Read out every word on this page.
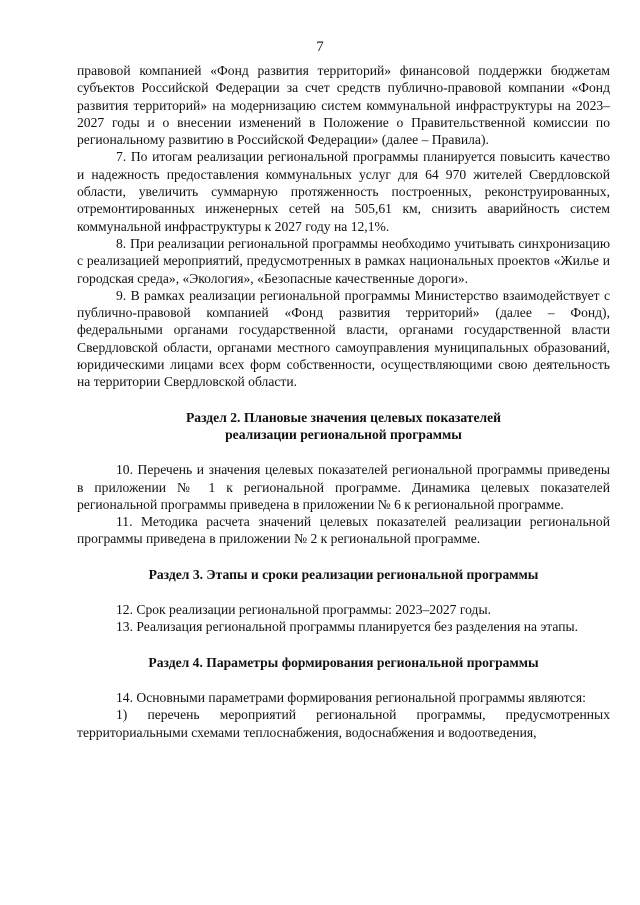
7

правовой компанией «Фонд развития территорий» финансовой поддержки бюджетам субъектов Российской Федерации за счет средств публично-правовой компании «Фонд развития территорий» на модернизацию систем коммунальной инфраструктуры на 2023–2027 годы и о внесении изменений в Положение о Правительственной комиссии по региональному развитию в Российской Федерации» (далее – Правила).

7. По итогам реализации региональной программы планируется повысить качество и надежность предоставления коммунальных услуг для 64 970 жителей Свердловской области, увеличить суммарную протяженность построенных, реконструированных, отремонтированных инженерных сетей на 505,61 км, снизить аварийность систем коммунальной инфраструктуры к 2027 году на 12,1%.

8. При реализации региональной программы необходимо учитывать синхронизацию с реализацией мероприятий, предусмотренных в рамках национальных проектов «Жилье и городская среда», «Экология», «Безопасные качественные дороги».

9. В рамках реализации региональной программы Министерство взаимодействует с публично-правовой компанией «Фонд развития территорий» (далее – Фонд), федеральными органами государственной власти, органами государственной власти Свердловской области, органами местного самоуправления муниципальных образований, юридическими лицами всех форм собственности, осуществляющими свою деятельность на территории Свердловской области.

Раздел 2. Плановые значения целевых показателей

реализации региональной программы

10. Перечень и значения целевых показателей региональной программы приведены в приложении № 1 к региональной программе. Динамика целевых показателей региональной программы приведена в приложении № 6 к региональной программе.

11. Методика расчета значений целевых показателей реализации региональной программы приведена в приложении № 2 к региональной программе.

Раздел 3. Этапы и сроки реализации региональной программы

12. Срок реализации региональной программы: 2023–2027 годы.

13. Реализация региональной программы планируется без разделения на этапы.

Раздел 4. Параметры формирования региональной программы

14. Основными параметрами формирования региональной программы являются:

1) перечень мероприятий региональной программы, предусмотренных территориальными схемами теплоснабжения, водоснабжения и водоотведения,
